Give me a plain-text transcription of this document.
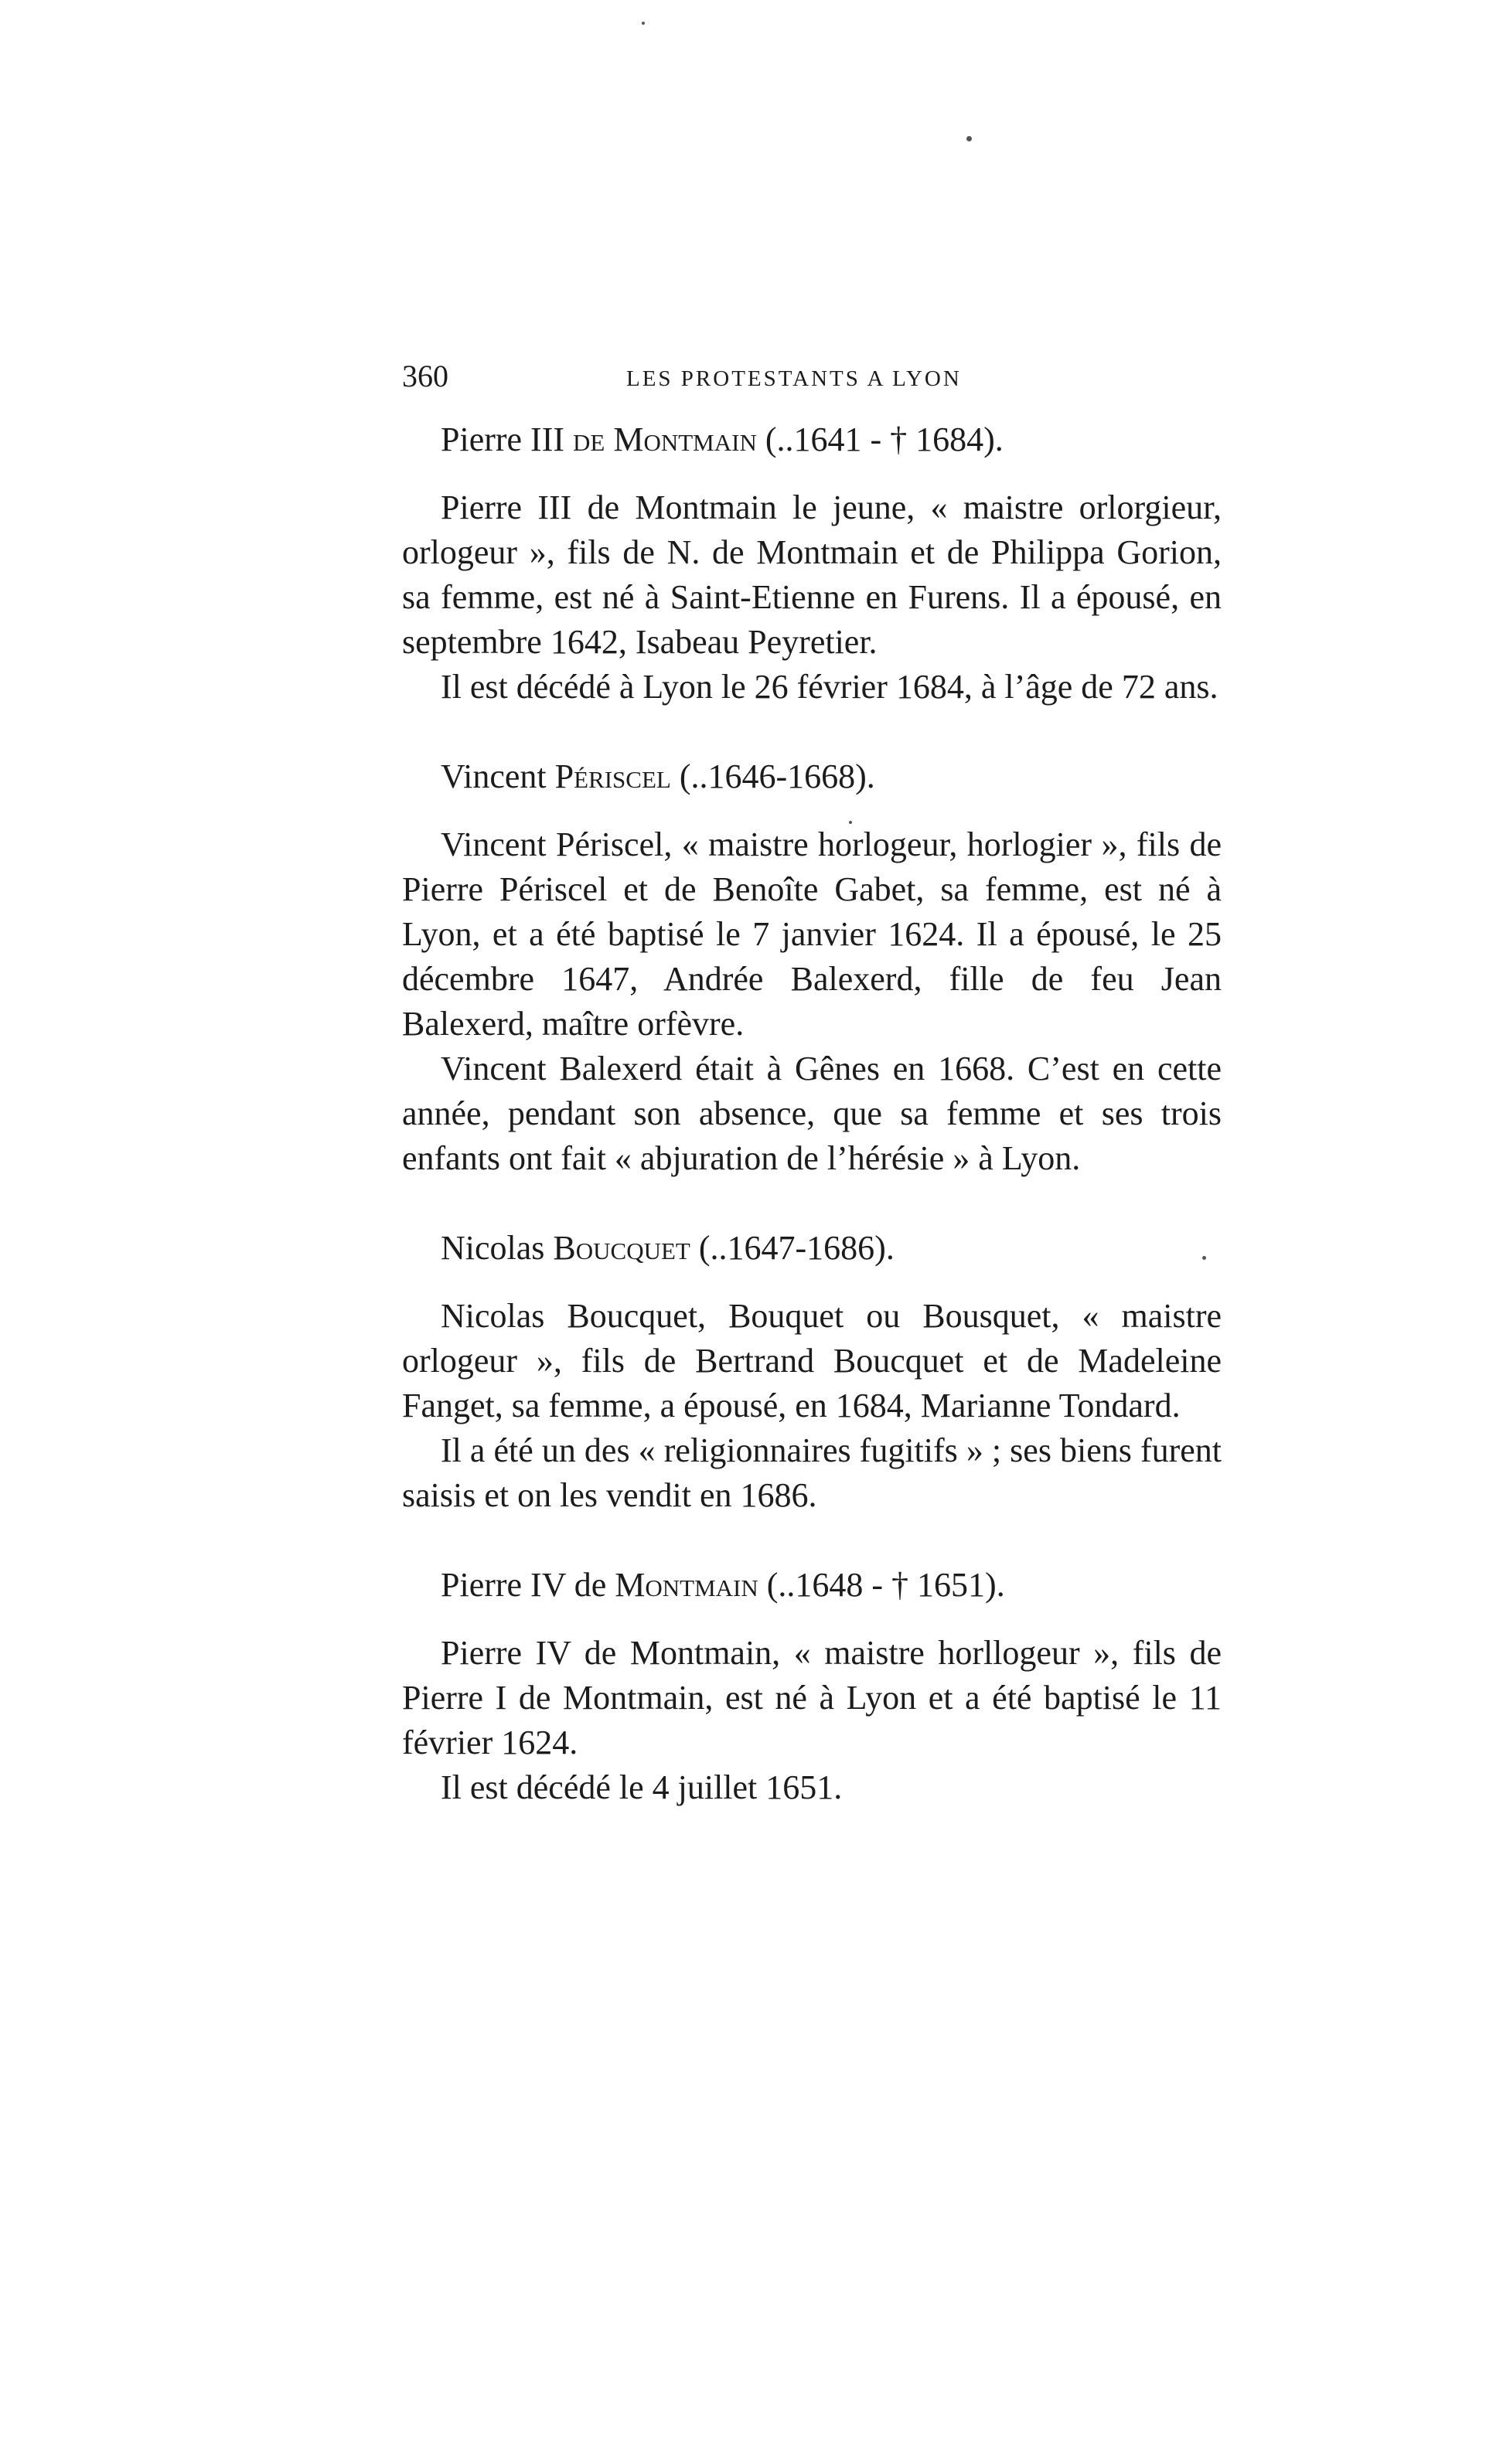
360	LES PROTESTANTS A LYON

Pierre III de Montmain (..1641 - † 1684).

Pierre III de Montmain le jeune, « maistre orlorgieur, orlogeur », fils de N. de Montmain et de Philippa Gorion, sa femme, est né à Saint-Etienne en Furens. Il a épousé, en septembre 1642, Isabeau Peyretier.

Il est décédé à Lyon le 26 février 1684, à l’âge de 72 ans.

Vincent Périscel (..1646-1668).

Vincent Périscel, « maistre horlogeur, horlogier », fils de Pierre Périscel et de Benoîte Gabet, sa femme, est né à Lyon, et a été baptisé le 7 janvier 1624. Il a épousé, le 25 décembre 1647, Andrée Balexerd, fille de feu Jean Balexerd, maître orfèvre.

Vincent Balexerd était à Gênes en 1668. C’est en cette année, pendant son absence, que sa femme et ses trois enfants ont fait « abjuration de l’hérésie » à Lyon.

Nicolas Boucquet (..1647-1686).

Nicolas Boucquet, Bouquet ou Bousquet, « maistre orlogeur », fils de Bertrand Boucquet et de Madeleine Fanget, sa femme, a épousé, en 1684, Marianne Tondard.

Il a été un des « religionnaires fugitifs » ; ses biens furent saisis et on les vendit en 1686.

Pierre IV de Montmain (..1648 - † 1651).

Pierre IV de Montmain, « maistre horllogeur », fils de Pierre I de Montmain, est né à Lyon et a été baptisé le 11 février 1624.

Il est décédé le 4 juillet 1651.
